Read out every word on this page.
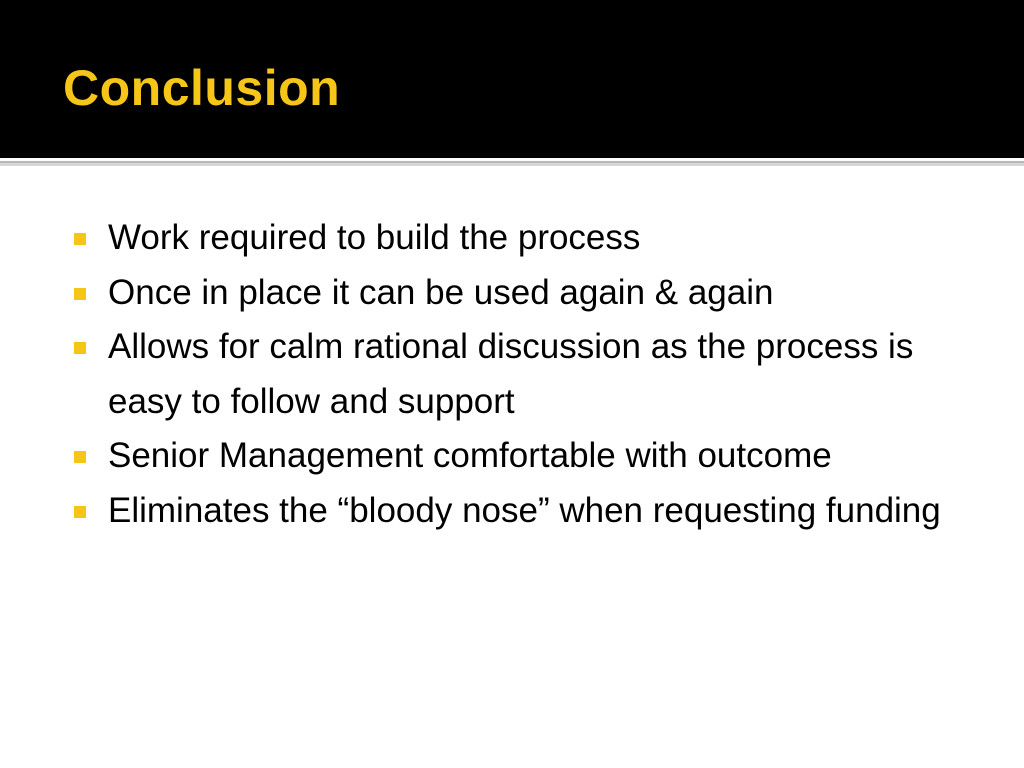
Conclusion
Work required to build the process
Once in place it can be used again & again
Allows for calm rational discussion as the process is easy to follow and support
Senior Management comfortable with outcome
Eliminates the “bloody nose” when requesting funding
